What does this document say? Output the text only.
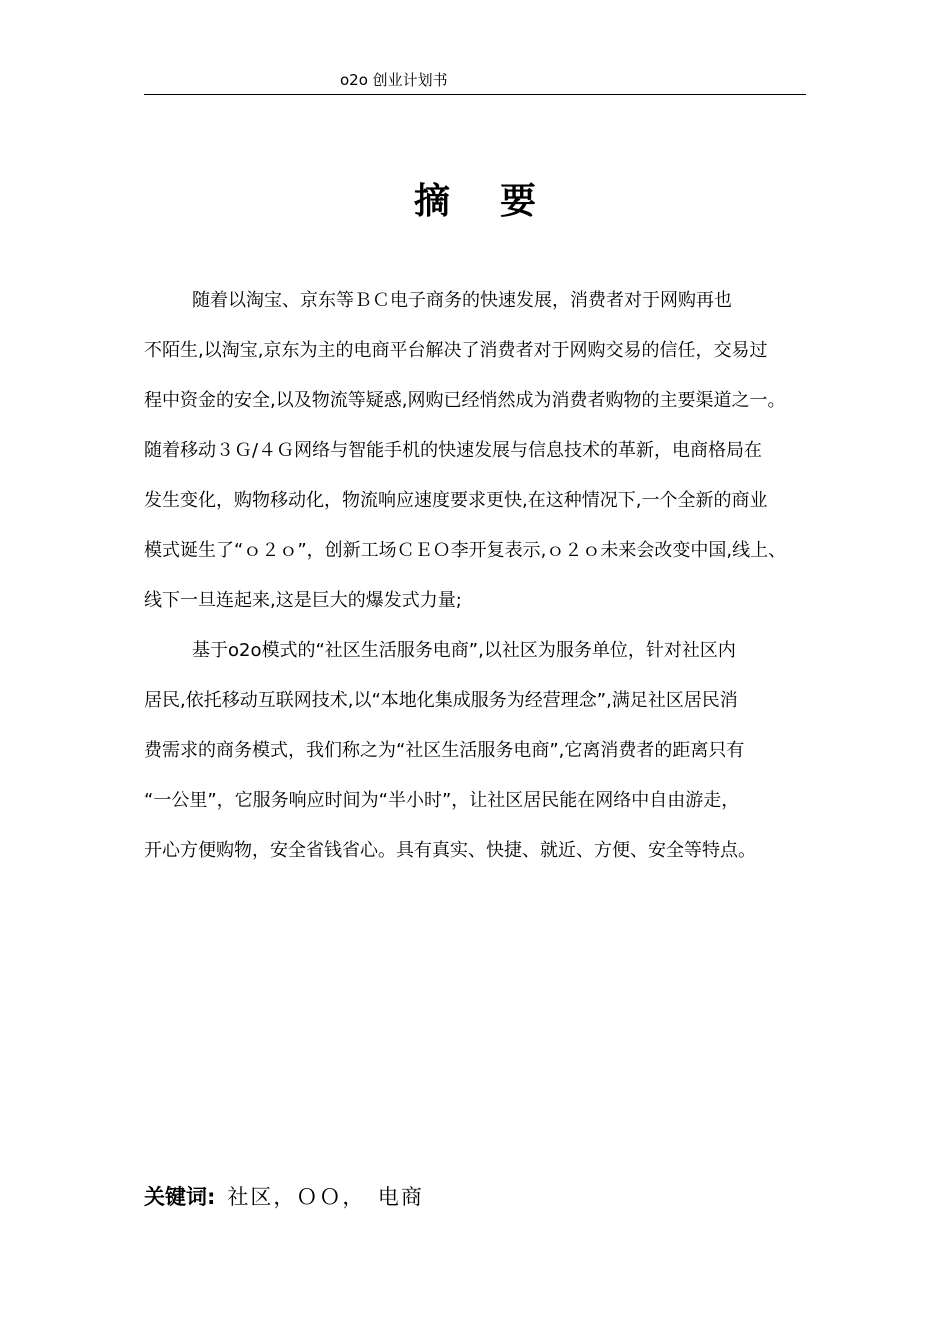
o2o 创业计划书
摘要
随着以淘宝、京东等ＢＣ电子商务的快速发展，消费者对于网购再也
不陌生,以淘宝,京东为主的电商平台解决了消费者对于网购交易的信任，交易过
程中资金的安全,以及物流等疑惑,网购已经悄然成为消费者购物的主要渠道之一。
随着移动３Ｇ/４Ｇ网络与智能手机的快速发展与信息技术的革新，电商格局在
发生变化，购物移动化，物流响应速度要求更快,在这种情况下,一个全新的商业
模式诞生了“ｏ２ｏ”，创新工场ＣＥＯ李开复表示,ｏ２ｏ未来会改变中国,线上、
线下一旦连起来,这是巨大的爆发式力量;
基于o2o模式的“社区生活服务电商”,以社区为服务单位，针对社区内
居民,依托移动互联网技术,以“本地化集成服务为经营理念”,满足社区居民消
费需求的商务模式，我们称之为“社区生活服务电商”,它离消费者的距离只有
“一公里”，它服务响应时间为“半小时”，让社区居民能在网络中自由游走，
开心方便购物，安全省钱省心。具有真实、快捷、就近、方便、安全等特点。
关键词: 社区，ＯＯ，　电商
